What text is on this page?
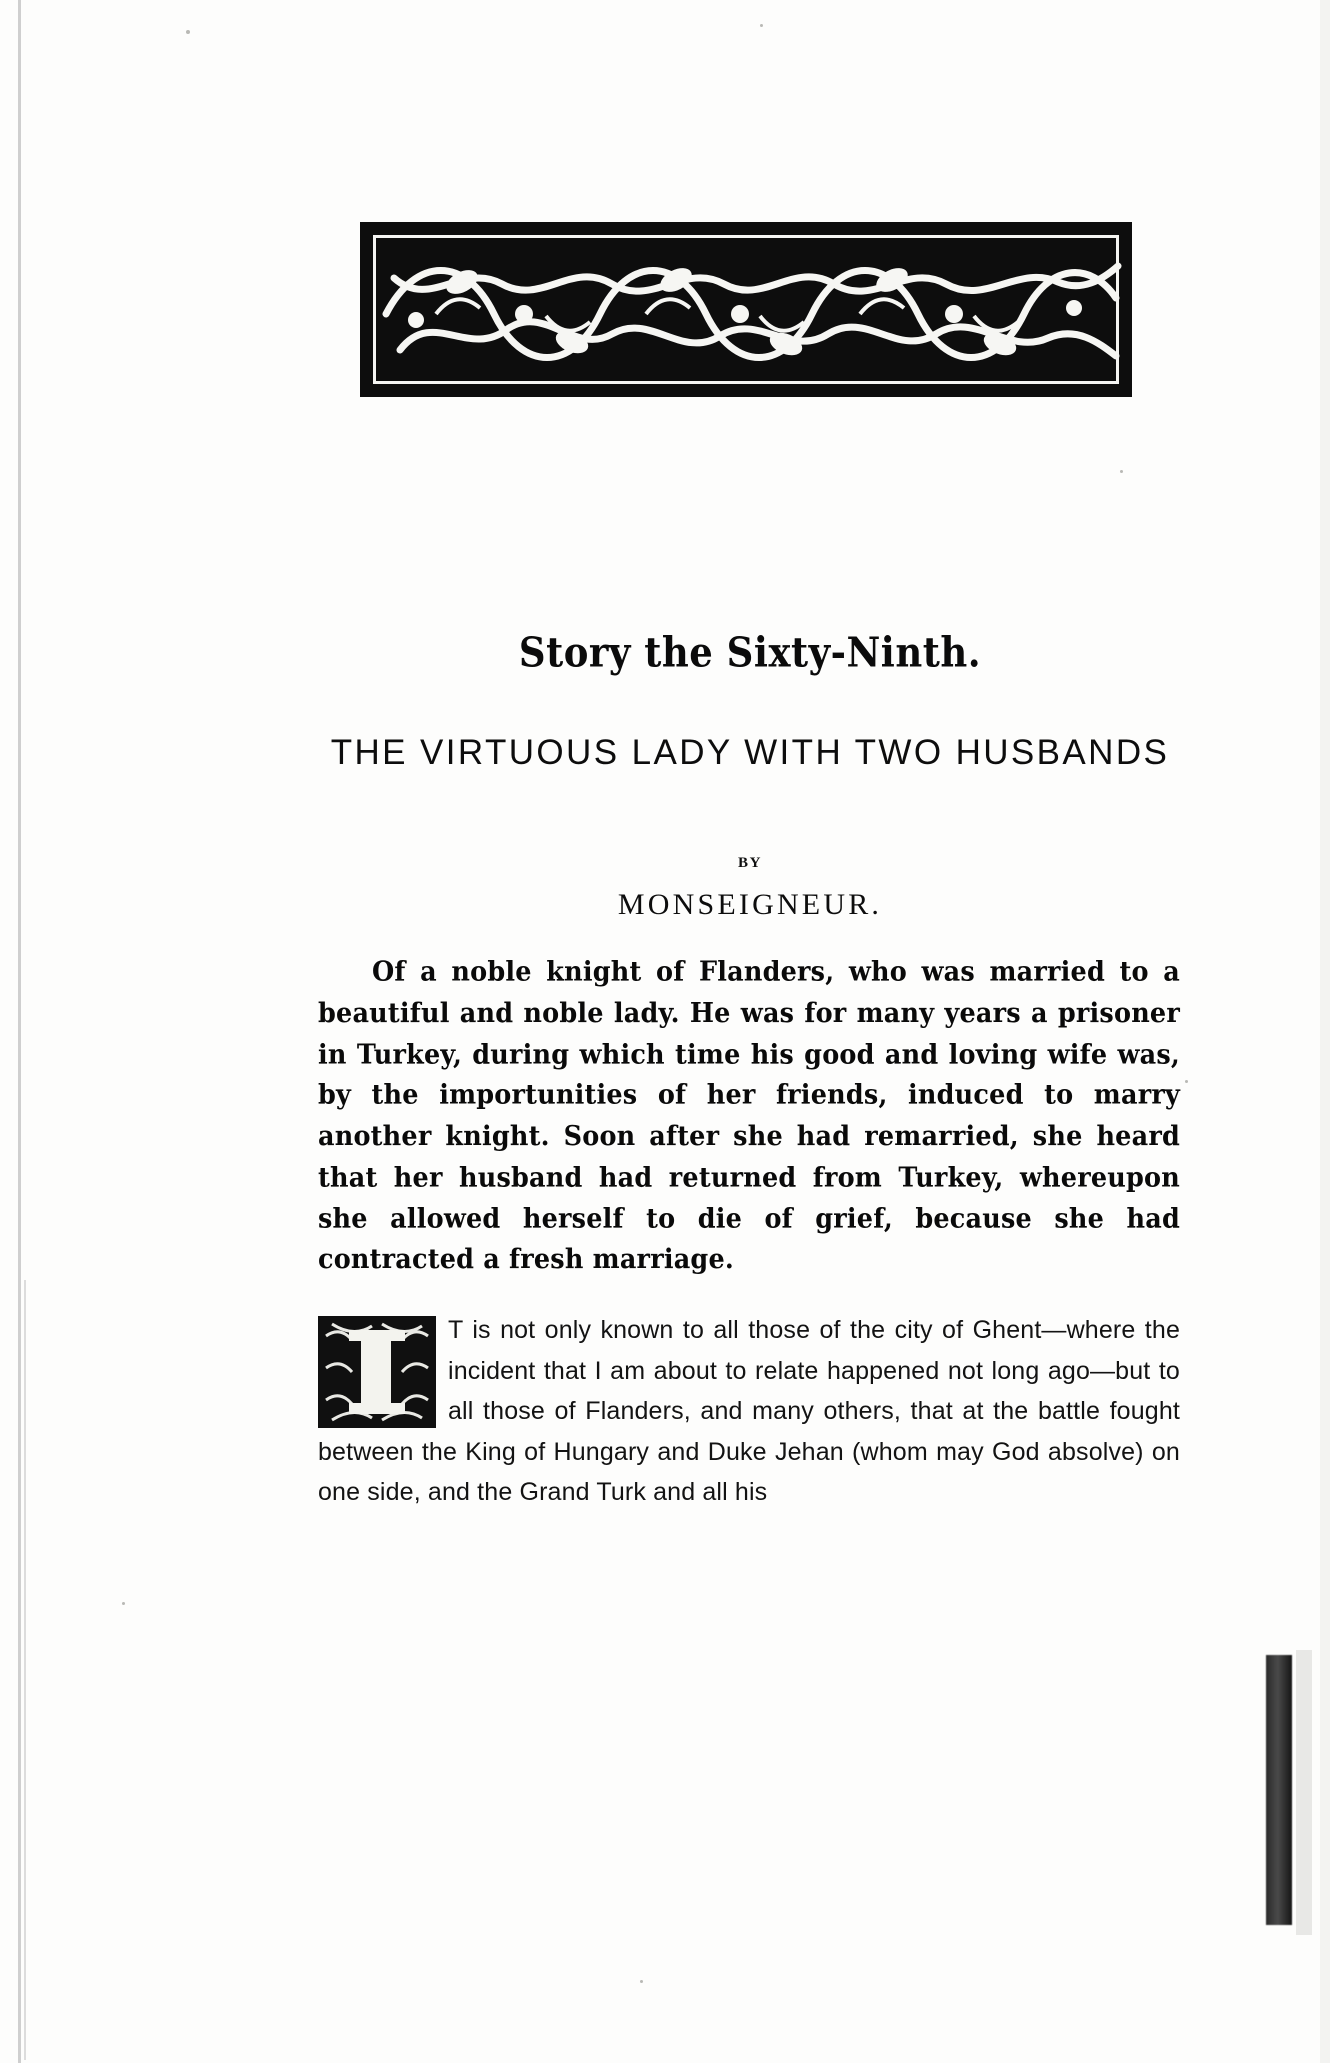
Story the Sixty-Ninth.
THE VIRTUOUS LADY WITH TWO HUSBANDS
BY
MONSEIGNEUR.
Of a noble knight of Flanders, who was married to a beautiful and noble lady. He was for many years a prisoner in Turkey, during which time his good and loving wife was, by the importunities of her friends, induced to marry another knight. Soon after she had remarried, she heard that her husband had returned from Turkey, whereupon she allowed herself to die of grief, because she had contracted a fresh marriage.
T is not only known to all those of the city of Ghent—where the incident that I am about to relate happened not long ago—but to all those of Flanders, and many others, that at the battle fought between the King of Hungary and Duke Jehan (whom may God absolve) on one side, and the Grand Turk and all his
